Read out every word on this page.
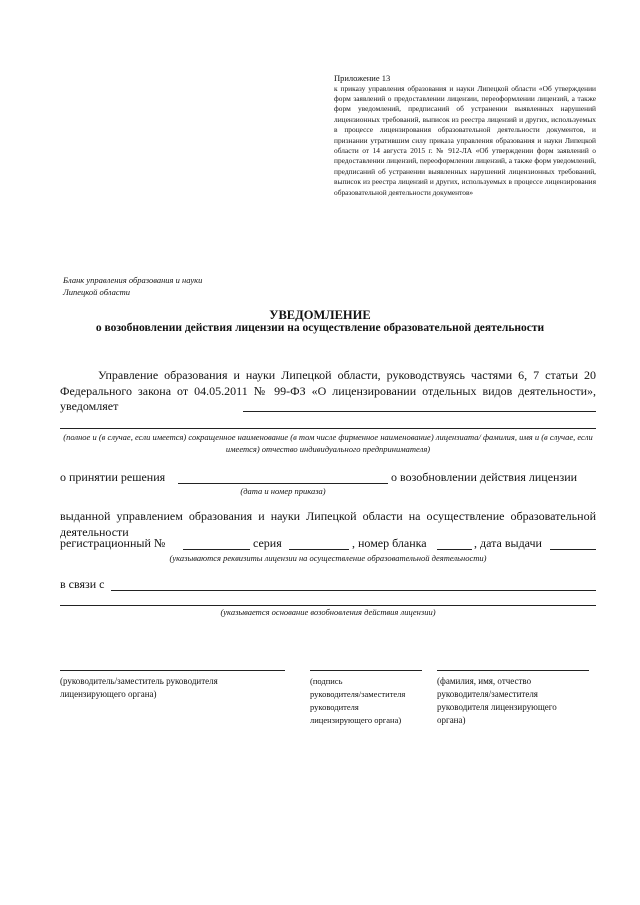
Приложение 13
к приказу управления образования и науки Липецкой области «Об утверждении форм заявлений о предоставлении лицензии, переоформлении лицензий, а также форм уведомлений, предписаний об устранении выявленных нарушений лицензионных требований, выписок из реестра лицензий и других, используемых в процессе лицензирования образовательной деятельности документов, и признании утратившим силу приказа управления образования и науки Липецкой области от 14 августа 2015 г. № 912-ЛА «Об утверждении форм заявлений о предоставлении лицензий, переоформлении лицензий, а также форм уведомлений, предписаний об устранении выявленных нарушений лицензионных требований, выписок из реестра лицензий и других, используемых в процессе лицензирования образовательной деятельности документов»
Бланк управления образования и науки
Липецкой области
УВЕДОМЛЕНИЕ
о возобновлении действия лицензии на осуществление образовательной деятельности
Управление образования и науки Липецкой области, руководствуясь частями 6, 7 статьи 20 Федерального закона от 04.05.2011 № 99-ФЗ «О лицензировании отдельных видов деятельности», уведомляет
(полное и (в случае, если имеется) сокращенное наименование (в том числе фирменное наименование) лицензиата/ фамилия, имя и (в случае, если имеется) отчество индивидуального предпринимателя)
о принятии решения	о возобновлении действия лицензии
(дата и номер приказа)
выданной управлением образования и науки Липецкой области на осуществление образовательной деятельности
регистрационный №	серия	, номер бланка	, дата выдачи
(указываются реквизиты лицензии на осуществление образовательной деятельности)
в связи с
(указывается основание возобновления действия лицензии)
(руководитель/заместитель руководителя
лицензирующего органа)
(подпись
руководителя/заместителя
руководителя
лицензирующего органа)
(фамилия, имя, отчество
руководителя/заместителя
руководителя лицензирующего
органа)
